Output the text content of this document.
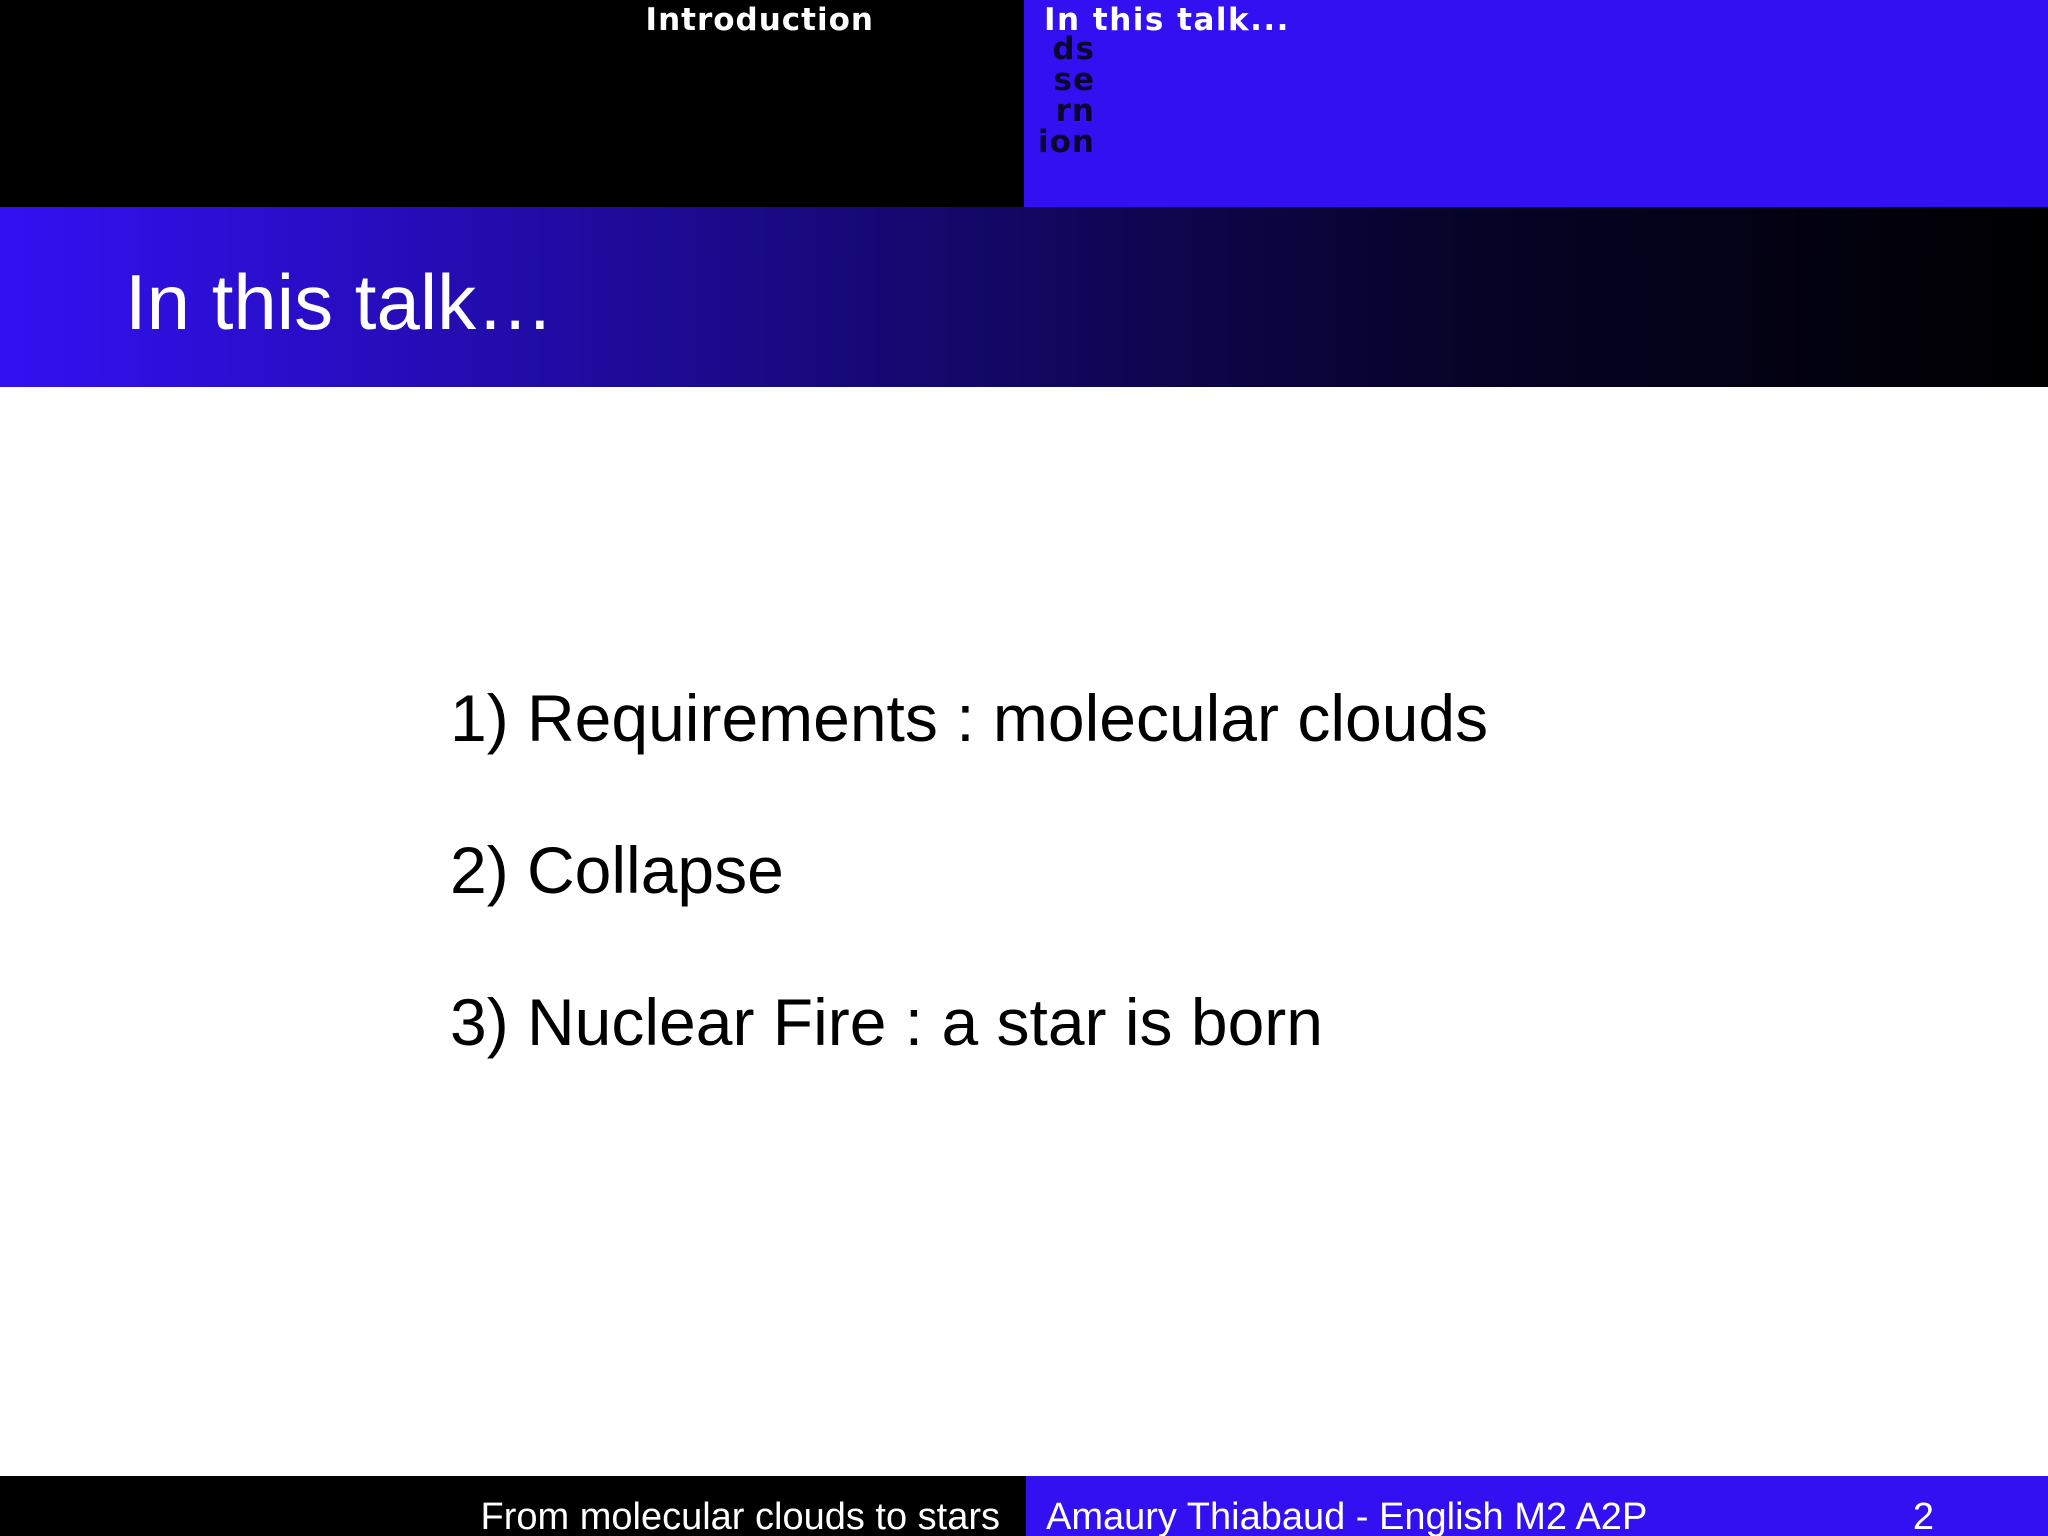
Introduction	In this talk...
ds
se
rn
ion
In this talk…
1) Requirements : molecular clouds
2) Collapse
3) Nuclear Fire : a star is born
From molecular clouds to stars Amaury Thiabaud - English M2 A2P	2
